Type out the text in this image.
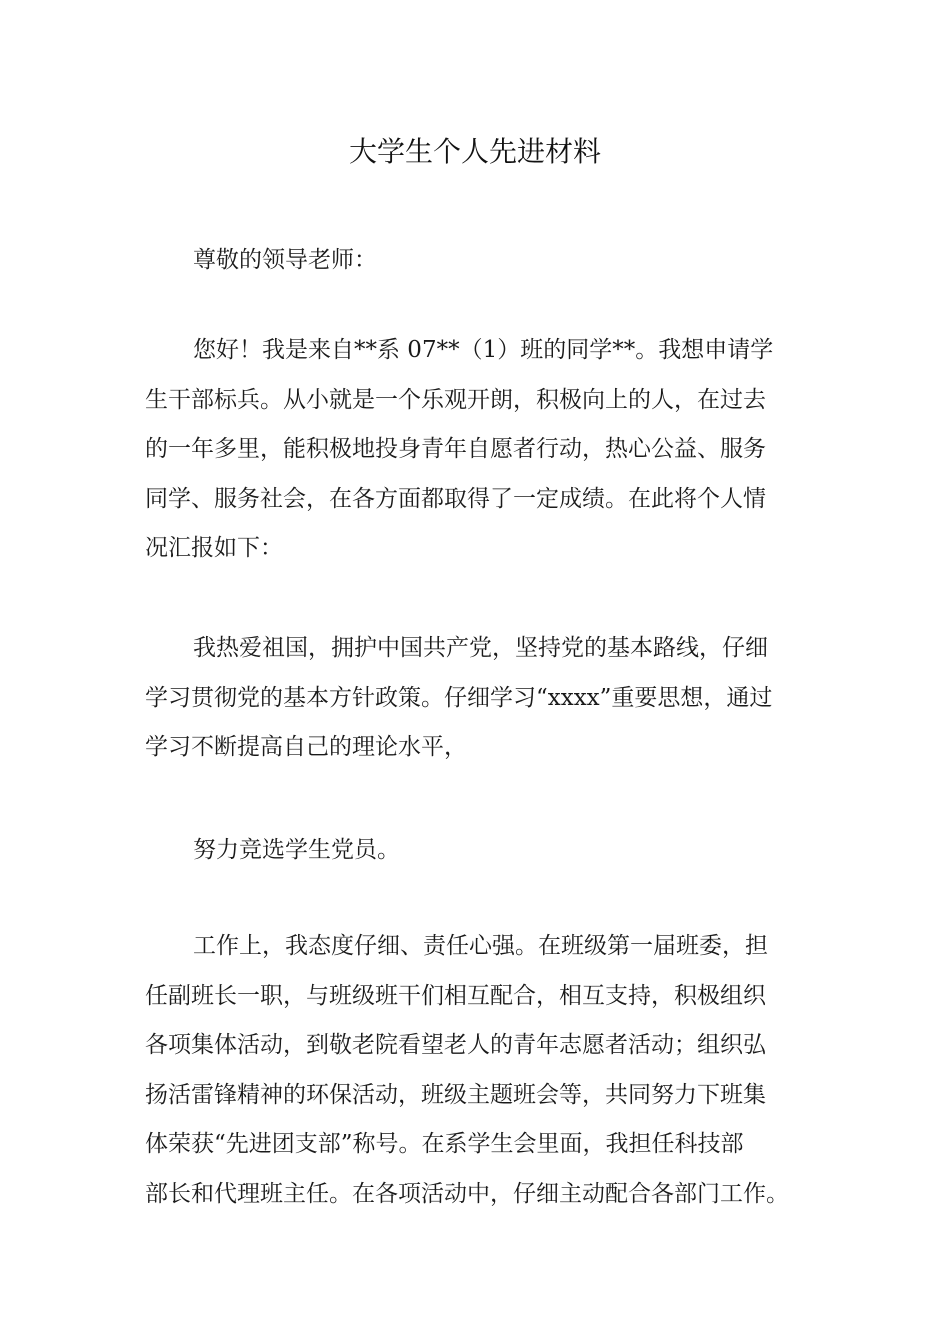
大学生个人先进材料

尊敬的领导老师：

您好！我是来自**系 07**（1）班的同学**。我想申请学
生干部标兵。从小就是一个乐观开朗，积极向上的人，在过去
的一年多里，能积极地投身青年自愿者行动，热心公益、服务
同学、服务社会，在各方面都取得了一定成绩。在此将个人情
况汇报如下：
我热爱祖国，拥护中国共产党，坚持党的基本路线，仔细
学习贯彻党的基本方针政策。仔细学习“xxxx”重要思想，通过
学习不断提高自己的理论水平，
努力竞选学生党员。
工作上，我态度仔细、责任心强。在班级第一届班委，担
任副班长一职，与班级班干们相互配合，相互支持，积极组织
各项集体活动，到敬老院看望老人的青年志愿者活动；组织弘
扬活雷锋精神的环保活动，班级主题班会等，共同努力下班集
体荣获“先进团支部”称号。在系学生会里面，我担任科技部
部长和代理班主任。在各项活动中，仔细主动配合各部门工作。
